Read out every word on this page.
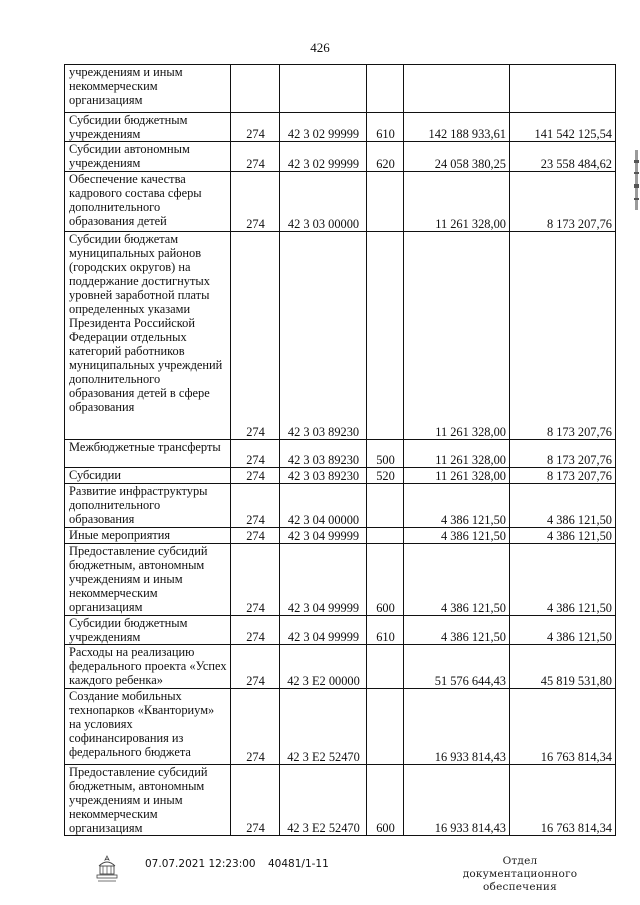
426
учреждениям и иным некоммерческим организациям					
Субсидии бюджетным учреждениям	274	42 3 02 99999	610	142 188 933,61	141 542 125,54
Субсидии автономным учреждениям	274	42 3 02 99999	620	24 058 380,25	23 558 484,62
Обеспечение качества кадрового состава сферы дополнительного образования детей	274	42 3 03 00000		11 261 328,00	8 173 207,76
Субсидии бюджетам муниципальных районов (городских округов) на поддержание достигнутых уровней заработной платы определенных указами Президента Российской Федерации отдельных категорий работников муниципальных учреждений дополнительного образования детей в сфере образования	274	42 3 03 89230		11 261 328,00	8 173 207,76
Межбюджетные трансферты	274	42 3 03 89230	500	11 261 328,00	8 173 207,76
Субсидии	274	42 3 03 89230	520	11 261 328,00	8 173 207,76
Развитие инфраструктуры дополнительного образования	274	42 3 04 00000		4 386 121,50	4 386 121,50
Иные мероприятия	274	42 3 04 99999		4 386 121,50	4 386 121,50
Предоставление субсидий бюджетным, автономным учреждениям и иным некоммерческим организациям	274	42 3 04 99999	600	4 386 121,50	4 386 121,50
Субсидии бюджетным учреждениям	274	42 3 04 99999	610	4 386 121,50	4 386 121,50
Расходы на реализацию федерального проекта «Успех каждого ребенка»	274	42 3 E2 00000		51 576 644,43	45 819 531,80
Создание мобильных технопарков «Кванториум» на условиях софинансирования из федерального бюджета	274	42 3 E2 52470		16 933 814,43	16 763 814,34
Предоставление субсидий бюджетным, автономным учреждениям и иным некоммерческим организациям	274	42 3 E2 52470	600	16 933 814,43	16 763 814,34
07.07.2021 12:23:00 40481/1-11	Отдел документационного обеспечения
